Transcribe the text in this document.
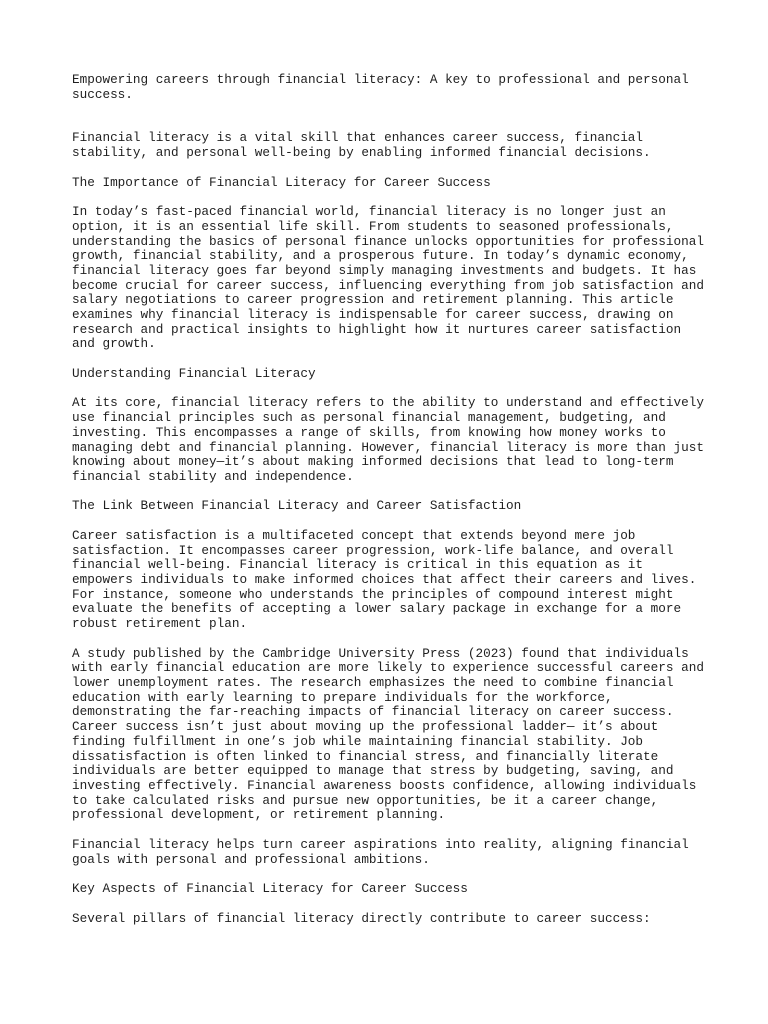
Empowering careers through financial literacy: A key to professional and personal
success.

Financial literacy is a vital skill that enhances career success, financial
stability, and personal well-being by enabling informed financial decisions.

The Importance of Financial Literacy for Career Success

In today’s fast-paced financial world, financial literacy is no longer just an
option, it is an essential life skill. From students to seasoned professionals,
understanding the basics of personal finance unlocks opportunities for professional
growth, financial stability, and a prosperous future. In today’s dynamic economy,
financial literacy goes far beyond simply managing investments and budgets. It has
become crucial for career success, influencing everything from job satisfaction and
salary negotiations to career progression and retirement planning. This article
examines why financial literacy is indispensable for career success, drawing on
research and practical insights to highlight how it nurtures career satisfaction
and growth.

Understanding Financial Literacy

At its core, financial literacy refers to the ability to understand and effectively
use financial principles such as personal financial management, budgeting, and
investing. This encompasses a range of skills, from knowing how money works to
managing debt and financial planning. However, financial literacy is more than just
knowing about money—it’s about making informed decisions that lead to long-term
financial stability and independence.

The Link Between Financial Literacy and Career Satisfaction

Career satisfaction is a multifaceted concept that extends beyond mere job
satisfaction. It encompasses career progression, work-life balance, and overall
financial well-being. Financial literacy is critical in this equation as it
empowers individuals to make informed choices that affect their careers and lives.
For instance, someone who understands the principles of compound interest might
evaluate the benefits of accepting a lower salary package in exchange for a more
robust retirement plan.

A study published by the Cambridge University Press (2023) found that individuals
with early financial education are more likely to experience successful careers and
lower unemployment rates. The research emphasizes the need to combine financial
education with early learning to prepare individuals for the workforce,
demonstrating the far-reaching impacts of financial literacy on career success.
Career success isn’t just about moving up the professional ladder— it’s about
finding fulfillment in one’s job while maintaining financial stability. Job
dissatisfaction is often linked to financial stress, and financially literate
individuals are better equipped to manage that stress by budgeting, saving, and
investing effectively. Financial awareness boosts confidence, allowing individuals
to take calculated risks and pursue new opportunities, be it a career change,
professional development, or retirement planning.

Financial literacy helps turn career aspirations into reality, aligning financial
goals with personal and professional ambitions.

Key Aspects of Financial Literacy for Career Success

Several pillars of financial literacy directly contribute to career success:
